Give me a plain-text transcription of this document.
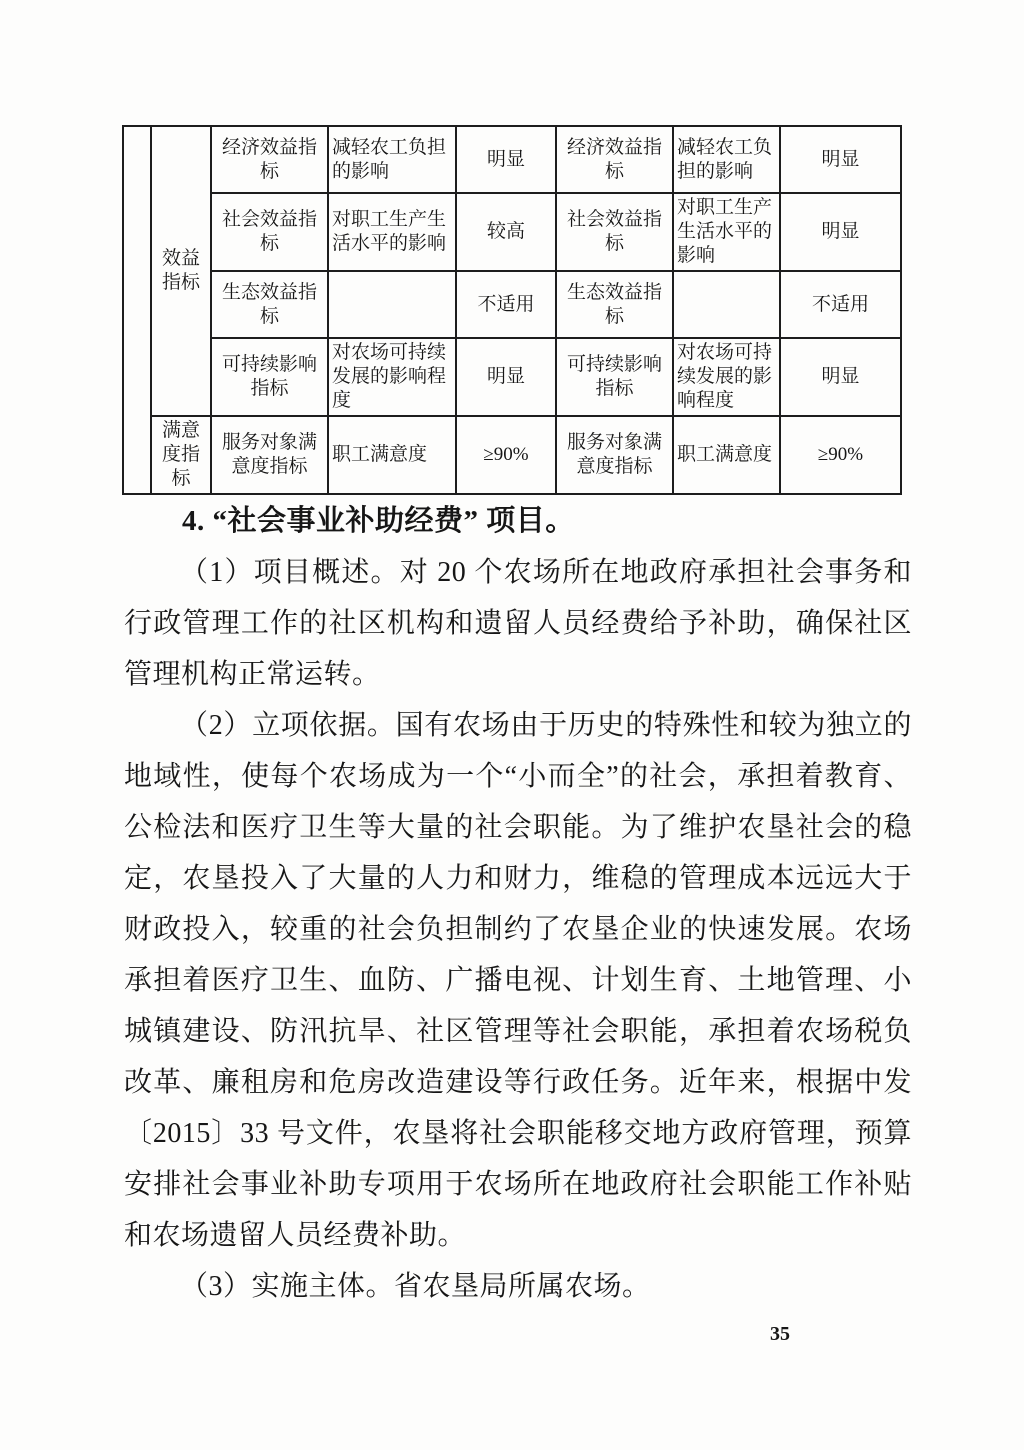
	效益指标	经济效益指标	减轻农工负担的影响	明显	经济效益指标	减轻农工负担的影响	明显
		社会效益指标	对职工生产生活水平的影响	较高	社会效益指标	对职工生产生活水平的影响	明显
		生态效益指标		不适用	生态效益指标		不适用
		可持续影响指标	对农场可持续发展的影响程度	明显	可持续影响指标	对农场可持续发展的影响程度	明显
	满意度指标	服务对象满意度指标	职工满意度	≥90%	服务对象满意度指标	职工满意度	≥90%
4. “社会事业补助经费” 项目。

（1）项目概述。对 20 个农场所在地政府承担社会事务和行政管理工作的社区机构和遗留人员经费给予补助，确保社区管理机构正常运转。

（2）立项依据。国有农场由于历史的特殊性和较为独立的地域性，使每个农场成为一个“小而全”的社会，承担着教育、公检法和医疗卫生等大量的社会职能。为了维护农垦社会的稳定，农垦投入了大量的人力和财力，维稳的管理成本远远大于财政投入，较重的社会负担制约了农垦企业的快速发展。农场承担着医疗卫生、血防、广播电视、计划生育、土地管理、小城镇建设、防汛抗旱、社区管理等社会职能，承担着农场税负改革、廉租房和危房改造建设等行政任务。近年来，根据中发〔2015〕33 号文件，农垦将社会职能移交地方政府管理，预算安排社会事业补助专项用于农场所在地政府社会职能工作补贴和农场遗留人员经费补助。

（3）实施主体。省农垦局所属农场。

35
